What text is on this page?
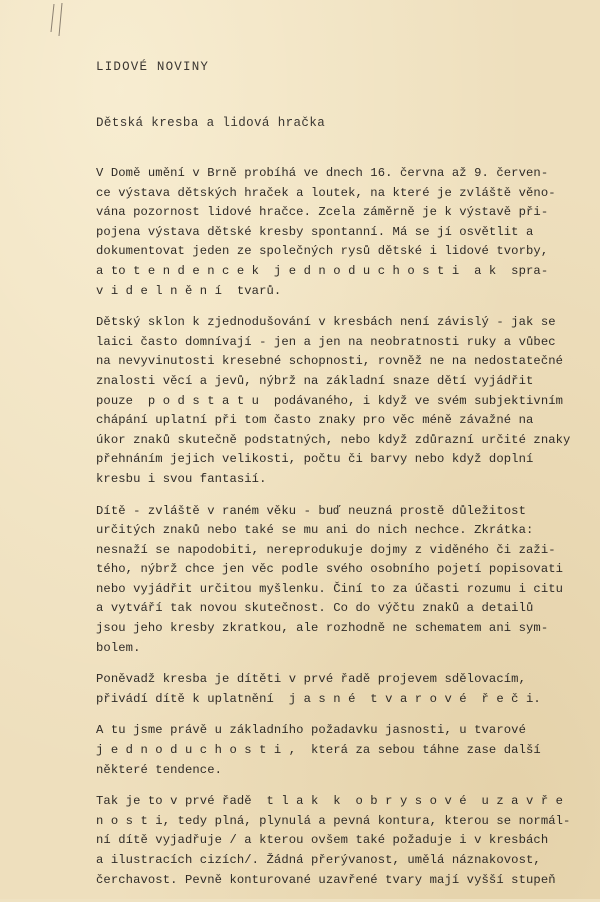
LIDOVÉ NOVINY
Dětská kresba a lidová hračka
V Domě umění v Brně probíhá ve dnech 16. června až 9. červen-
ce výstava dětských hraček a loutek, na které je zvláště věno-
vána pozornost lidové hračce. Zcela záměrně je k výstavě při-
pojena výstava dětské kresby spontanní. Má se jí osvětlit a
dokumentovat jeden ze společných rysů dětské i lidové tvorby,
a to t e n d e n c e k  j e d n o d u c h o s t i  a k  spra-
v i d e l n ě n í  tvarů.
Dětský sklon k zjednodušování v kresbách není závislý - jak se
laici často domnívají - jen a jen na neobratnosti ruky a vůbec
na nevyvinutosti kresebné schopnosti, rovněž ne na nedostatečné
znalosti věcí a jevů, nýbrž na základní snaze dětí vyjádřit
pouze  p o d s t a t u  podávaného, i když ve svém subjektivním
chápání uplatní při tom často znaky pro věc méně závažné na
úkor znaků skutečně podstatných, nebo když zdůrazní určité znaky
přehnáním jejich velikosti, počtu či barvy nebo když doplní
kresbu i svou fantasií.
Dítě - zvláště v raném věku - buď neuzná prostě důležitost
určitých znaků nebo také se mu ani do nich nechce. Zkrátka:
nesnaží se napodobiti, nereprodukuje dojmy z viděného či zaži-
tého, nýbrž chce jen věc podle svého osobního pojetí popisovati
nebo vyjádřit určitou myšlenku. Činí to za účasti rozumu i citu
a vytváří tak novou skutečnost. Co do výčtu znaků a detailů
jsou jeho kresby zkratkou, ale rozhodně ne schematem ani sym-
bolem.
Poněvadž kresba je dítěti v prvé řadě projevem sdělovacím,
přivádí dítě k uplatnění  j a s n é  t v a r o v é  ř e č i.
A tu jsme právě u základního požadavku jasnosti, u tvarové
j e d n o d u c h o s t i ,  která za sebou táhne zase další
některé tendence.
Tak je to v prvé řadě  t l a k  k  o b r y s o v é  u z a v ř e
n o s t i, tedy plná, plynulá a pevná kontura, kterou se normál-
ní dítě vyjadřuje / a kterou ovšem také požaduje i v kresbách
a ilustracích cizích/. Žádná přerývanost, umělá náznakovost,
čerchavost. Pevně konturované uzavřené tvary mají vyšší stupeň
